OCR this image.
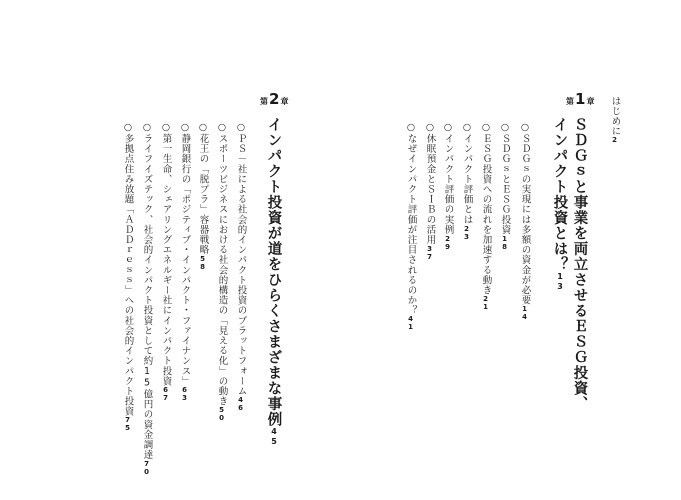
はじめに2
第 1 章
ＳＤＧｓと事業を両立させるＥＳＧ投資、
インパクト投資とは？13
○ＳＤＧｓの実現には多額の資金が必要14
○ＳＤＧｓとＥＳＧ投資18
○ＥＳＧ投資への流れを加速する動き21
○インパクト評価とは23
○インパクト評価の実例29
○休眠預金とＳＩＢの活用37
○なぜインパクト評価が注目されるのか？41
第 2 章
インパクト投資が道をひらくさまざまな事例45
○ＰＳ－社による社会的インパクト投資のプラットフォーム46
○スポーツビジネスにおける社会的構造の「見える化」の動き50
○花王の「脱プラ」容器戦略58
○静岡銀行の「ポジティブ・インパクト・ファイナンス」63
○第一生命、シェアリングエネルギー社にインパクト投資67
○ライフイズテック、社会的インパクト投資として約15億円の資金調達70
○多拠点住み放題「ＡＤＤｒｅｓｓ」への社会的インパクト投資75
